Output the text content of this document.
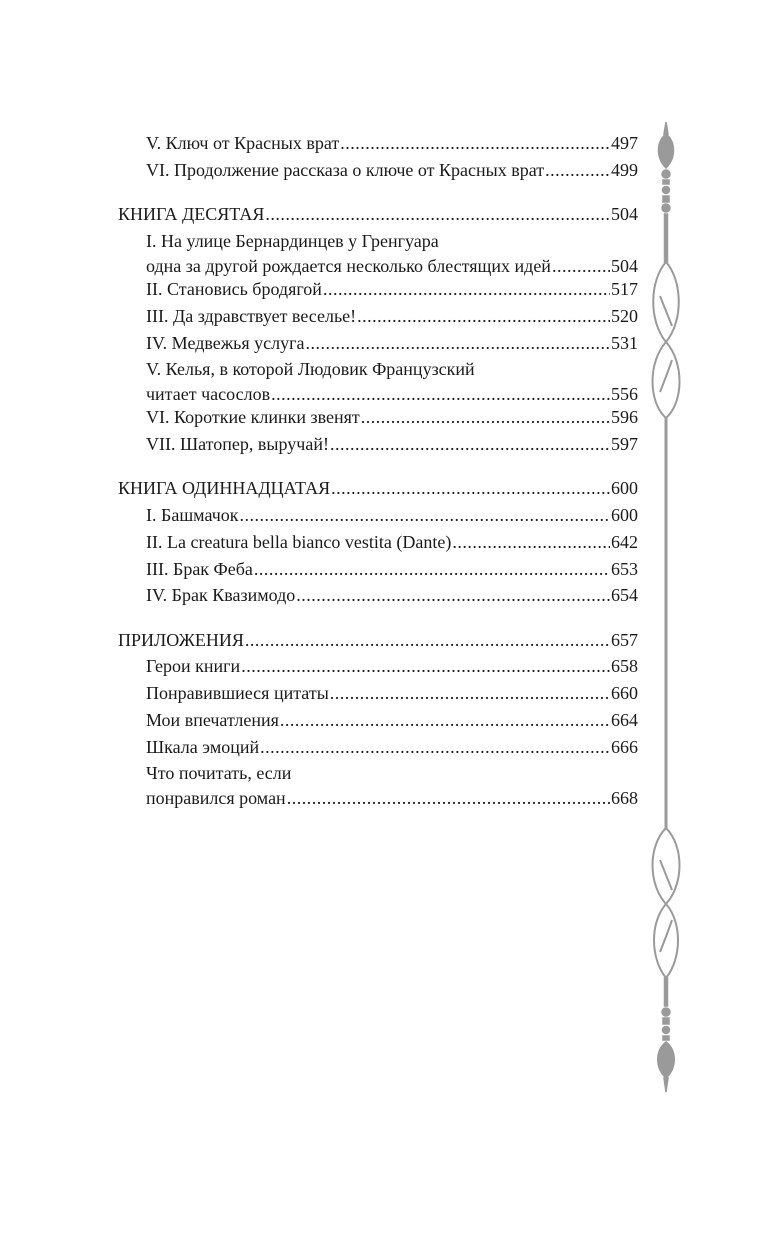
V. Ключ от Красных врат .....	497
VI. Продолжение рассказа о ключе от Красных врат .....	499
КНИГА ДЕСЯТАЯ .....	504
I. На улице Бернардинцев у Гренгуара
одна за другой рождается несколько блестящих идей .....	504
II. Становись бродягой .....	517
III. Да здравствует веселье! .....	520
IV. Медвежья услуга .....	531
V. Келья, в которой Людовик Французский
читает часослов .....	556
VI. Короткие клинки звенят .....	596
VII. Шатопер, выручай! .....	597
КНИГА ОДИННАДЦАТАЯ .....	600
I. Башмачок .....	600
II. La creatura bella bianco vestita (Dante) .....	642
III. Брак Феба .....	653
IV. Брак Квазимодо .....	654
ПРИЛОЖЕНИЯ .....	657
Герои книги .....	658
Понравившиеся цитаты .....	660
Мои впечатления .....	664
Шкала эмоций .....	666
Что почитать, если
понравился роман .....	668
